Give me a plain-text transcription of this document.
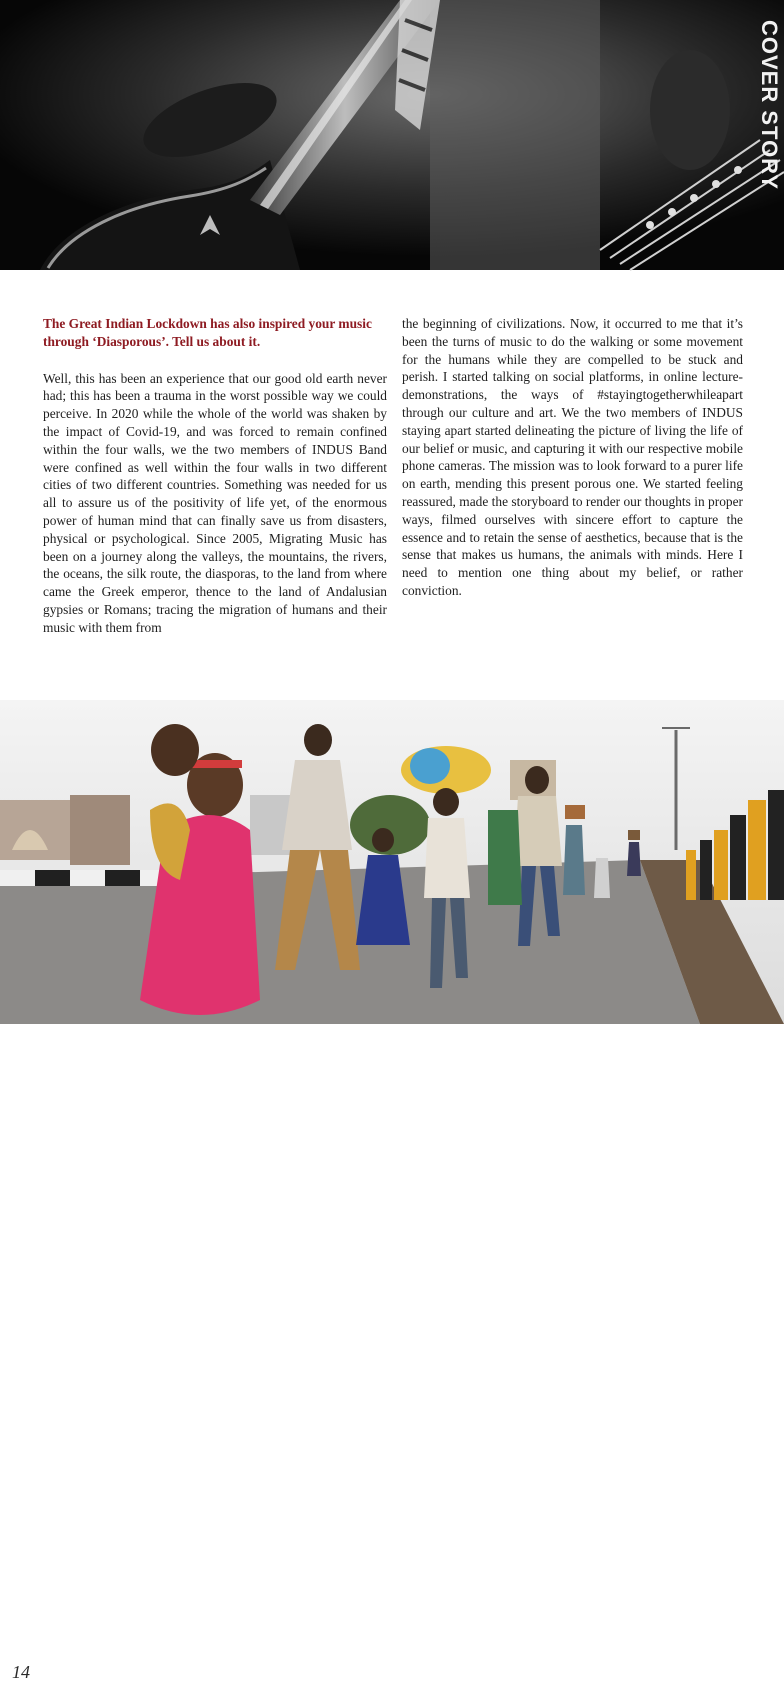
COVER STORY

The Great Indian Lockdown has also inspired your music through ‘Diasporous’. Tell us about it.

Well, this has been an experience that our good old earth never had; this has been a trauma in the worst possible way we could perceive. In 2020 while the whole of the world was shaken by the impact of Covid-19, and was forced to remain confined within the four walls, we the two members of INDUS Band were confined as well within the four walls in two different cities of two different countries. Something was needed for us all to assure us of the positivity of life yet, of the enormous power of human mind that can finally save us from disasters, physical or psychological. Since 2005, Migrating Music has been on a journey along the valleys, the mountains, the rivers, the oceans, the silk route, the diasporas, to the land from where came the Greek emperor, thence to the land of Andalusian gypsies or Romans; tracing the migration of humans and their music with them from

the beginning of civilizations. Now, it occurred to me that it’s been the turns of music to do the walking or some movement for the humans while they are compelled to be stuck and perish. I started talking on social platforms, in online lecture-demonstrations, the ways of #stayingtogetherwhileapart through our culture and art. We the two members of INDUS staying apart started delineating the picture of living the life of our belief or music, and capturing it with our respective mobile phone cameras. The mission was to look forward to a purer life on earth, mending this present porous one. We started feeling reassured, made the storyboard to render our thoughts in proper ways, filmed ourselves with sincere effort to capture the essence and to retain the sense of aesthetics, because that is the sense that makes us humans, the animals with minds. Here I need to mention one thing about my belief, or rather conviction.

14
